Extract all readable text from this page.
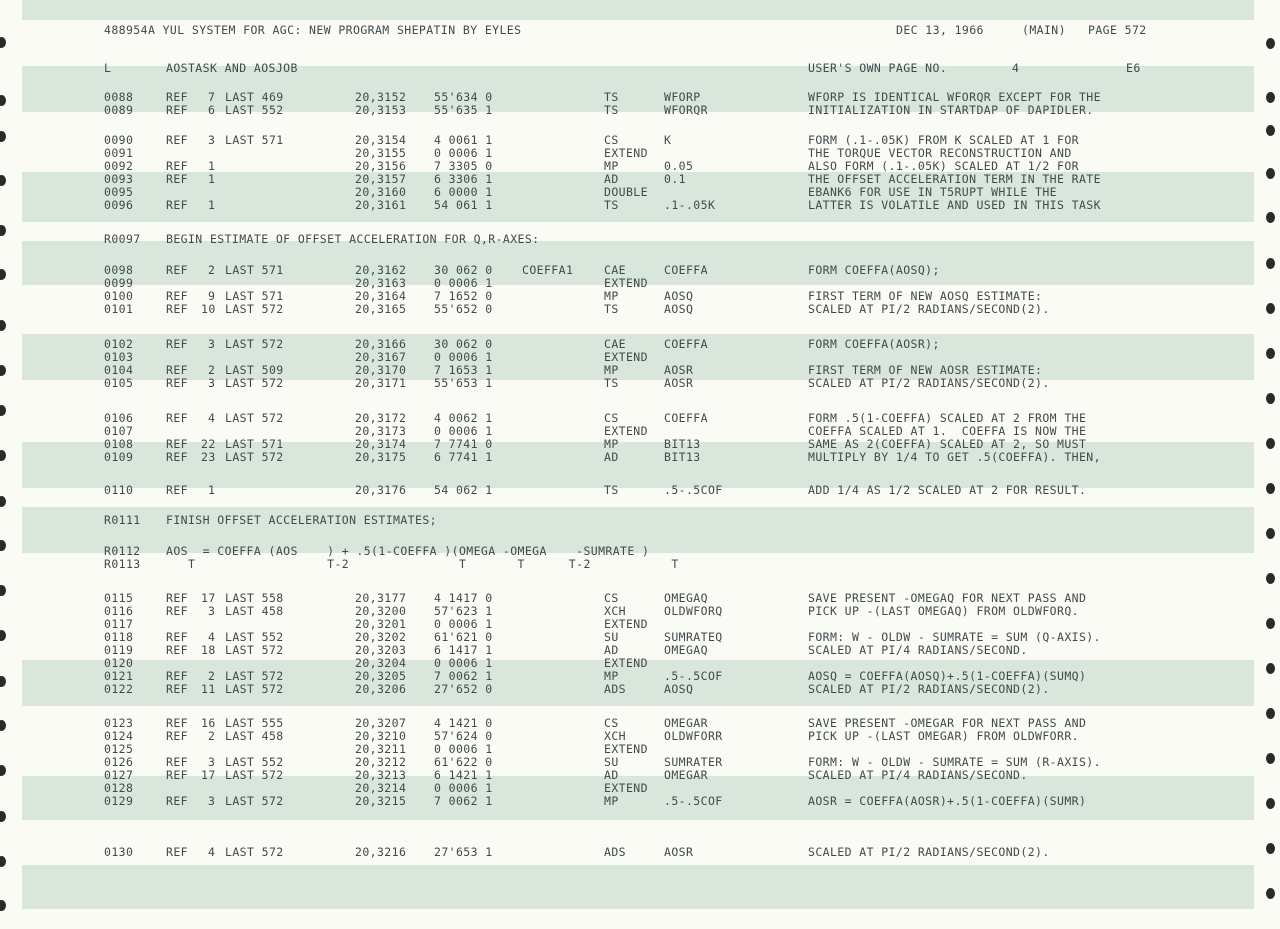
488954A YUL SYSTEM FOR AGC: NEW PROGRAM SHEPATIN BY EYLES

	DEC 13, 1966

	(MAIN)

PAGE 572

L

	AOSTASK AND AOSJOB

	USER'S OWN PAGE NO.

	4

	E6

0088	REF 7 LAST 469	20,3152 55'634 0	TS	WFORP	WFORP IS IDENTICAL WFORQR EXCEPT FOR THE
0089	REF 6 LAST 552	20,3153 55'635 1	TS	WFORQR	INITIALIZATION IN STARTDAP OF DAPIDLER.
0090	REF 3 LAST 571	20,3154 4 0061 1	CS	K	FORM (.1-.05K) FROM K SCALED AT 1 FOR
0091	20,3155 0 0006 1	EXTEND	THE TORQUE VECTOR RECONSTRUCTION AND
0092	REF 1	20,3156 7 3305 0	MP	0.05	ALSO FORM (.1-.05K) SCALED AT 1/2 FOR
0093	REF 1	20,3157 6 3306 1	AD	0.1	THE OFFSET ACCELERATION TERM IN THE RATE
0095	20,3160 6 0000 1	DOUBLE	EBANK6 FOR USE IN T5RUPT WHILE THE
0096	REF 1	20,3161 54 061 1	TS	.1-.05K	LATTER IS VOLATILE AND USED IN THIS TASK
R0097 BEGIN ESTIMATE OF OFFSET ACCELERATION FOR Q,R-AXES:
0098	REF 2 LAST 571	20,3162 30 062 0	COEFFA1	CAE	COEFFA	FORM COEFFA(AOSQ);
0099	20,3163 0 0006 1	EXTEND
0100	REF 9 LAST 571	20,3164 7 1652 0	MP	AOSQ	FIRST TERM OF NEW AOSQ ESTIMATE:
0101	REF 10 LAST 572	20,3165 55'652 0	TS	AOSQ	SCALED AT PI/2 RADIANS/SECOND(2).
0102	REF 3 LAST 572	20,3166 30 062 0	CAE	COEFFA	FORM COEFFA(AOSR);
0103	20,3167 0 0006 1	EXTEND
0104	REF 2 LAST 509	20,3170 7 1653 1	MP	AOSR	FIRST TERM OF NEW AOSR ESTIMATE:
0105	REF 3 LAST 572	20,3171 55'653 1	TS	AOSR	SCALED AT PI/2 RADIANS/SECOND(2).
0106	REF 4 LAST 572	20,3172 4 0062 1	CS	COEFFA	FORM .5(1-COEFFA) SCALED AT 2 FROM THE
0107	20,3173 0 0006 1	EXTEND	COEFFA SCALED AT 1.  COEFFA IS NOW THE
0108	REF 22 LAST 571	20,3174 7 7741 0	MP	BIT13	SAME AS 2(COEFFA) SCALED AT 2, SO MUST
0109	REF 23 LAST 572	20,3175 6 7741 1	AD	BIT13	MULTIPLY BY 1/4 TO GET .5(COEFFA). THEN,
0110	REF 1	20,3176 54 062 1	TS	.5-.5COF	ADD 1/4 AS 1/2 SCALED AT 2 FOR RESULT.
R0111 FINISH OFFSET ACCELERATION ESTIMATES;
R0112 AOS  = COEFFA (AOS    ) + .5(1-COEFFA )(OMEGA -OMEGA    -SUMRATE )
R0113 T                  T-2               T       T      T-2           T
0115	REF 17 LAST 558	20,3177 4 1417 0	CS	OMEGAQ	SAVE PRESENT -OMEGAQ FOR NEXT PASS AND
0116	REF 3 LAST 458	20,3200 57'623 1	XCH	OLDWFORQ	PICK UP -(LAST OMEGAQ) FROM OLDWFORQ.
0117	20,3201 0 0006 1	EXTEND
0118	REF 4 LAST 552	20,3202 61'621 0	SU	SUMRATEQ	FORM: W - OLDW - SUMRATE = SUM (Q-AXIS).
0119	REF 18 LAST 572	20,3203 6 1417 1	AD	OMEGAQ	SCALED AT PI/4 RADIANS/SECOND.
0120	20,3204 0 0006 1	EXTEND
0121	REF 2 LAST 572	20,3205 7 0062 1	MP	.5-.5COF	AOSQ = COEFFA(AOSQ)+.5(1-COEFFA)(SUMQ)
0122	REF 11 LAST 572	20,3206 27'652 0	ADS	AOSQ	SCALED AT PI/2 RADIANS/SECOND(2).
0123	REF 16 LAST 555	20,3207 4 1421 0	CS	OMEGAR	SAVE PRESENT -OMEGAR FOR NEXT PASS AND
0124	REF 2 LAST 458	20,3210 57'624 0	XCH	OLDWFORR	PICK UP -(LAST OMEGAR) FROM OLDWFORR.
0125	20,3211 0 0006 1	EXTEND
0126	REF 3 LAST 552	20,3212 61'622 0	SU	SUMRATER	FORM: W - OLDW - SUMRATE = SUM (R-AXIS).
0127	REF 17 LAST 572	20,3213 6 1421 1	AD	OMEGAR	SCALED AT PI/4 RADIANS/SECOND.
0128	20,3214 0 0006 1	EXTEND
0129	REF 3 LAST 572	20,3215 7 0062 1	MP	.5-.5COF	AOSR = COEFFA(AOSR)+.5(1-COEFFA)(SUMR)
0130	REF 4 LAST 572	20,3216 27'653 1	ADS	AOSR	SCALED AT PI/2 RADIANS/SECOND(2).
